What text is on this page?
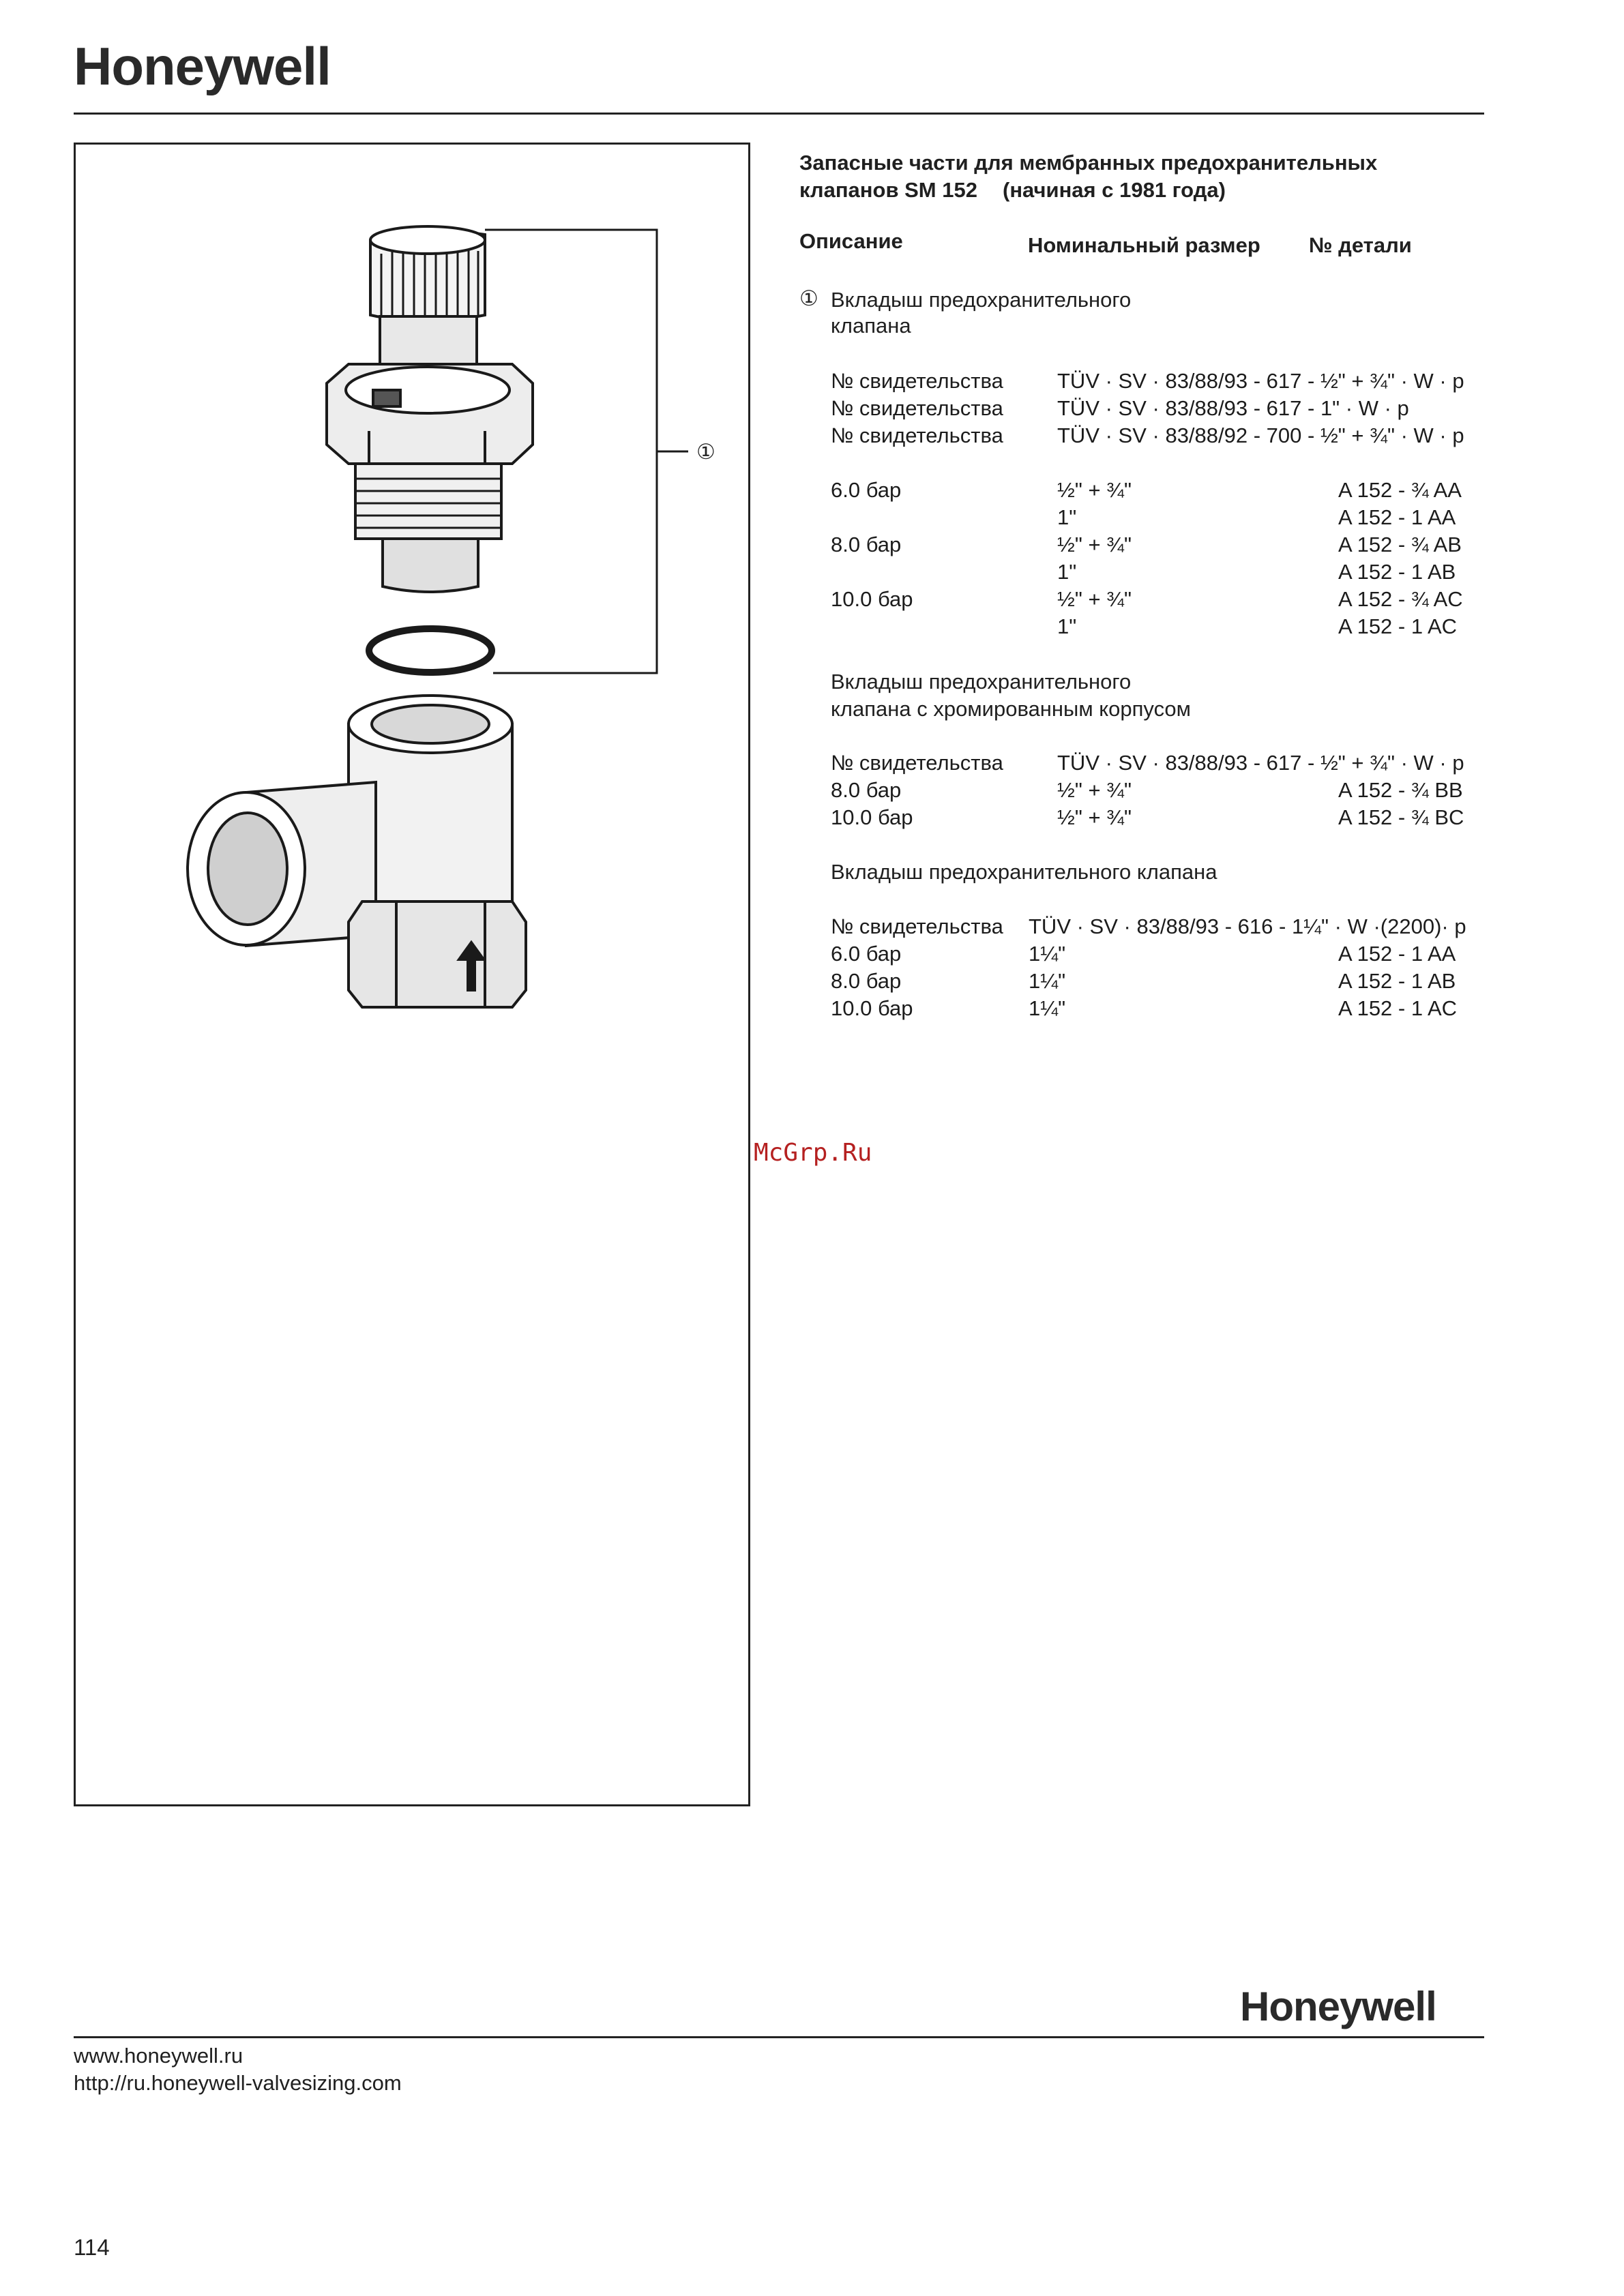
Honeywell
①
Запасные части для мембранных предохранительных
клапанов SM 152 (начиная с 1981 года)
Описание	Номинальный размер № детали
① Вкладыш предохранительного
клапана
№ свидетельства	TÜV · SV · 83/88/93 - 617 - ½" + ¾" · W · p
№ свидетельства	TÜV · SV · 83/88/93 - 617 - 1" · W · p
№ свидетельства	TÜV · SV · 83/88/92 - 700 - ½" + ¾" · W · p
6.0 бар	½" + ¾"	A 152 - ¾ AA
1"	A 152 - 1 AA
8.0 бар	½" + ¾"	A 152 - ¾ AB
1"	A 152 - 1 AB
10.0 бар	½" + ¾"	A 152 - ¾ AC
1"	A 152 - 1 AC
Вкладыш предохранительного
клапана с хромированным корпусом
№ свидетельства	TÜV · SV · 83/88/93 - 617 - ½" + ¾" · W · p
8.0 бар	½" + ¾"	A 152 - ¾ BB
10.0 бар	½" + ¾"	A 152 - ¾ BC
Вкладыш предохранительного клапана
№ свидетельства TÜV · SV · 83/88/93 - 616 - 1¼" · W ·(2200)· p
6.0 бар	1¼"	A 152 - 1 AA
8.0 бар	1¼"	A 152 - 1 AB
10.0 бар	1¼"	A 152 - 1 AC
McGrp.Ru
Honeywell
www.honeywell.ru
http://ru.honeywell-valvesizing.com
114
